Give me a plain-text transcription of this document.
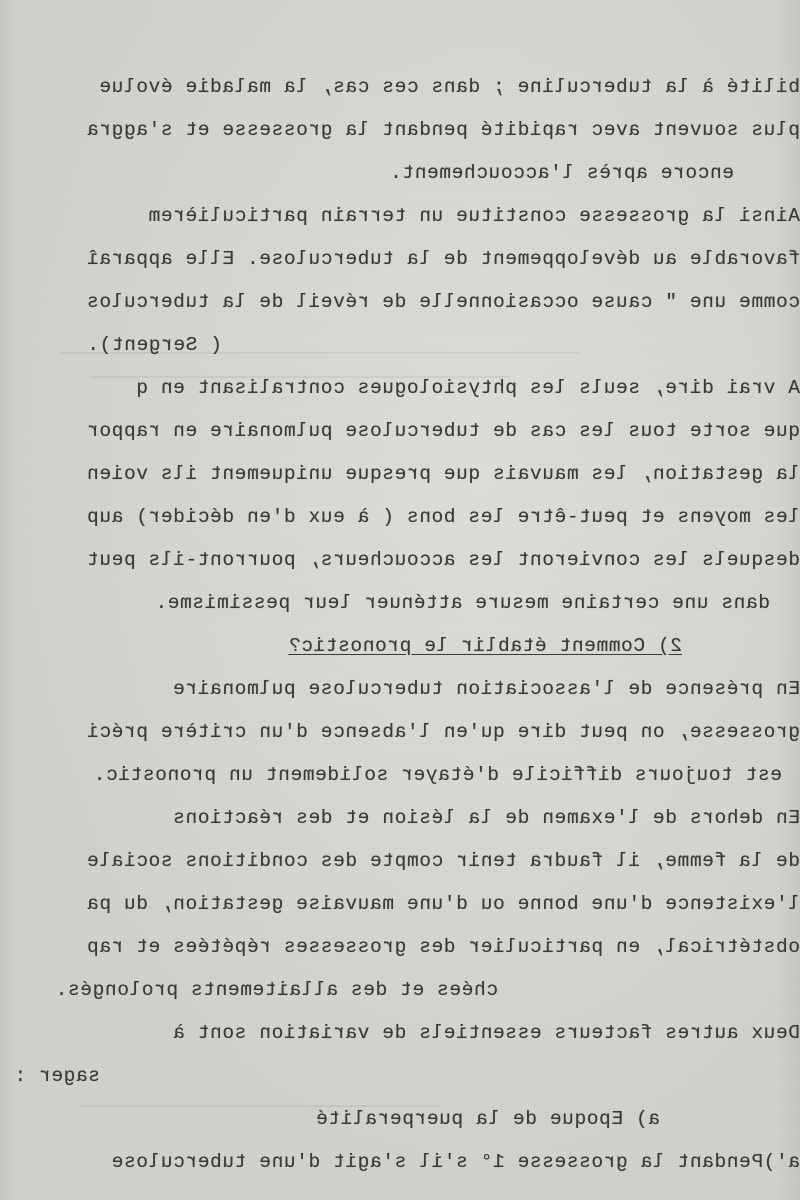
bilité à la tuberculine ; dans ces cas, la maladie évolue
plus souvent avec rapidité pendant la grossesse et s'aggra
encore après l'accouchement.
Ainsi la grossesse constitue un terrain particulièrem
favorable au développement de la tuberculose. Elle apparaî
comme une " cause occasionnelle de réveil de la tuberculos
( Sergent).
A vrai dire, seuls les phtysiologues contralisant en q
que sorte tous les cas de tuberculose pulmonaire en rappor
la gestation, les mauvais que presque uniquement ils voien
les moyens et peut-être les bons ( à eux d'en décider) aup
desquels les convieront les accoucheurs, pourront-ils peut
dans une certaine mesure atténuer leur pessimisme.
2) Comment établir le pronostic?
En présence de l'association tuberculose pulmonaire
grossesse, on peut dire qu'en l'absence d'un critère préci
est toujours difficile d'étayer solidement un pronostic.
En dehors de l'examen de la lésion et des réactions
de la femme, il faudra tenir compte des conditions sociale
l'existence d'une bonne ou d'une mauvaise gestation, du pa
obstétrical, en particulier des grossesses répétées et rap
chées et des allaitements prolongés.
Deux autres facteurs essentiels de variation sont à
sager :
a) Epoque de la puerperalité
a')Pendant la grossesse 1° s'il s'agit d'une tuberculose
